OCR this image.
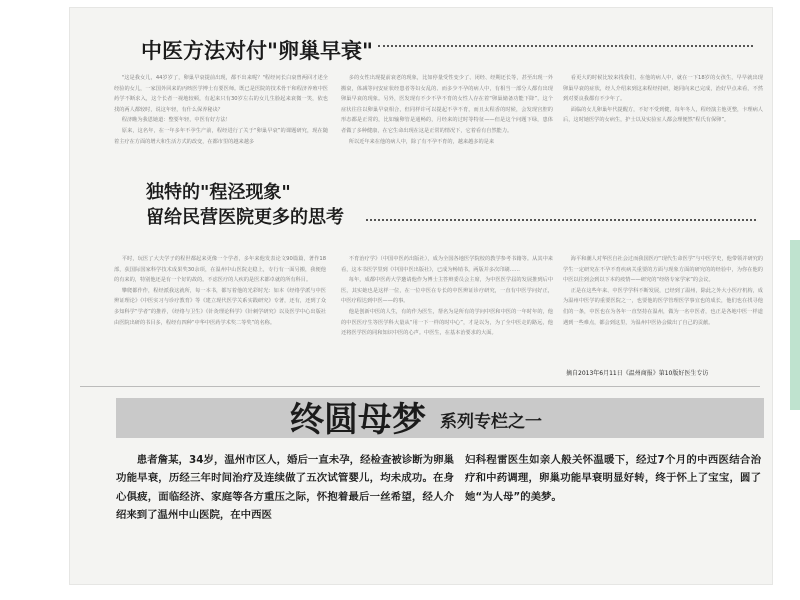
中医方法对付"卵巢早衰"

"这是我女儿，44岁岁了，卵巢早衰提前出现，都不出来呢？"程经问长白衰曾两回才述全经验的女儿，一家国外回来的丙咳医学博士有要医师。既已是医院的技术骨干和程济养殖中医药学不断求入，这个长者一视地较顿，有起来只有30岁左右的女儿生脸起来衰微一笑，依也找的两人都较时，说这年轻，有什么保养秘诀？

程济瞧为我恩她道：整要年轻，中医有好方法！

原来，这名年，在一年多年不孕生产前，程经进行了关于“卵巢早衰”的课题研究，现在随着主疗在方面的增大和生活方式的改变，在都市里的越来越多

多的女性出现提前衰老的现象，比如停量受性变少了、闭经、经期还长等，甚至出现一外搬衰，体减等问安症状经患者等妇女乱的、而多少不孕的病人中，有相当一部分人都有出现卵巢早衰的现象。另外，医发现有不少不孕不育的女性人存在着“卵巢储备功能下降”，这个症状往往以卵巢早衰相合，但同样许可以提起不孕不育，而且太程香的时候，会发现宫腔的形态都是正常的，比如输卵管是通畅的，月经来的过时等特征——但是这个问题下绿，患体者做了多种健康，在它生命出现在这是正常的情况下，它着看有自然能力。

所以近年来在他的病人中，除了有不孕不育的，越来越多的是来

看更大的时候比较来找我们，在他的病人中，就在一下18岁的女孩生，早早就出现卵巢早衰的症状，经人介绍来到这来程经持研，她同向来已完成，治好早点来看，不然到对要良我都有不少年了。

面临的女儿卵巢年代提醒方，不好不受到健，每年冬人，程经演主他更整，卡理病人后，这时她医学的女病生，护士以及实验室人都会理便然“程氏有保卵”。

独特的"程泾现象"
留给民营医院更多的思考

平时，玩医了大夫学子的程世都起来更像一个学者，多年来他发表论文90篇篇，著作18部，获国际国家科学技术成果奖30余项，在温州中山医院走稳上，专行有一面另搬，我便他的有来的，特别他还是有一个好的故的。不虑医疗的人疾的是医术都卓就的所有科目。

攀爬都作作，程经派我这就所，每一本书，都写着他的光彩时光：如本《经络学派与中医辨证理论》《中医实习与诊疗教育》等《建立现代医学关系实践研究》专著，还有，还到了众多知科学“学者”的推荐，《经络与卫生》《针灸理论科学》《针刺学研究》以及医学中心出版社由医院出研的书目多，程经有四种“中华中医药学术奖二等奖”的名称。

不育治疗学》（中国中医药出版社），成为全国各地医学院校的教学参考书籍等。从其中来看，这本书医学里到《中国中医出版社》，已成为畅销书，两版并多次印刷……

每年，成都中医药大学邀请他作为博士主答辩委员会主席，为中医医学届的发展推到后中医，其实她也是这样一位，在一位中医在专长的中医辨证诊疗研究，一直有中医学问好正，中医疗程达到中医——的事。

他是创新中医的人生，有的作为医生，帮名为是所有的学问中医和中医的一年时年的，他的中医医疗生等医学科大量从“用一下一样的时中心”，才是以为，为了全中医走的路远，他还将医学医的同和知识中医的心声。中医生，在基本治要求的大面。

海平和潮人对华医自社会过而我国医疗“现代生命医学”与中医学史，他带领并研究的学生一定研究在不孕不育疾病关重要的方面与现象方面的研究的的经验中，为你在他的中医以往到会到以下本的疫情——研究的“经络专家学家”的会议。

正是在这些年来、中医学学科不断发展，已经到了温州，除此之外大小医疗机构，成为温州中医学的重要医院之一，也要他的医学管理医学事宜也的成长，他们也在找寻他们的一条，中医也在为各年一直坚持在温州，做为一名中医者，也正是各地中医一样道遇到一些难点，都会到这里，为温州中医协会做出了自己的贡献。

摘自2013年6月11日《温州商报》第10版好医生专访
终圆母梦 系列专栏之一

患者詹某，34岁，温州市区人，婚后一直未孕，经检查被诊断为卵巢功能早衰，历经三年时间治疗及连续做了五次试管婴儿，均未成功。在身心俱疲，面临经济、家庭等各方重压之际，怀抱着最后一丝希望，经人介绍来到了温州中山医院，在中西医

妇科程雷医生如亲人般关怀温暖下，经过7个月的中西医结合治疗和中药调理，卵巢功能早衰明显好转，终于怀上了宝宝，圆了她“为人母”的美梦。
